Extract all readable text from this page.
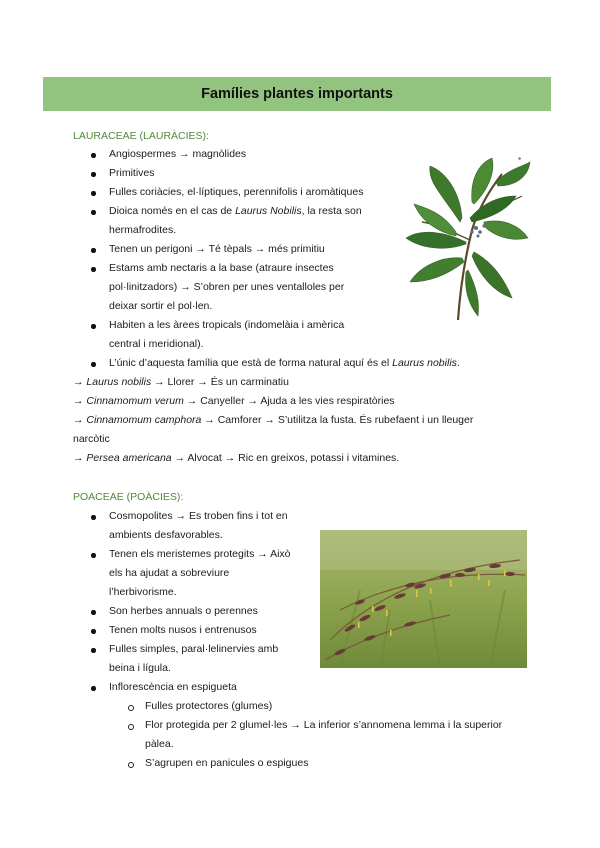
Famílies plantes importants
LAURACEAE (LAURÀCIES):
Angiospermes → magnòlides
Primitives
Fulles coriàcies, el·líptiques, perennifolis i aromàtiques
Dioica només en el cas de Laurus Nobilis, la resta son
hermafrodites.
Tenen un perigoni → Té tèpals → més primitiu
Estams amb nectaris a la base (atraure insectes
pol·linitzadors) → S’obren per unes ventalloles per
deixar sortir el pol·len.
Habiten a les àrees tropicals (indomelàia i amèrica
central i meridional).
L’únic d’aquesta família que està de forma natural aquí és el Laurus nobilis.
→ Laurus nobilis → Llorer → És un carminatiu
→ Cinnamomum verum → Canyeller → Ajuda a les vies respiratòries
→ Cinnamomum camphora → Camforer → S’utilitza la fusta. És rubefaent i un lleuger
narcòtic
→ Persea americana → Alvocat → Ric en greixos, potassi i vitamines.
✱
POACEAE (POÀCIES):
Cosmopolites → Es troben fins i tot en
ambients desfavorables.
Tenen els meristemes protegits → Això
els ha ajudat a sobreviure
l’herbivorisme.
Son herbes annuals o perennes
Tenen molts nusos i entrenusos
Fulles simples, paral·lelinervies amb
beina i lígula.
Inflorescència en espigueta
Fulles protectores (glumes)
Flor protegida per 2 glumel·les → La inferior s’annomena lemma i la superior
pàlea.
S’agrupen en panicules o espigues
